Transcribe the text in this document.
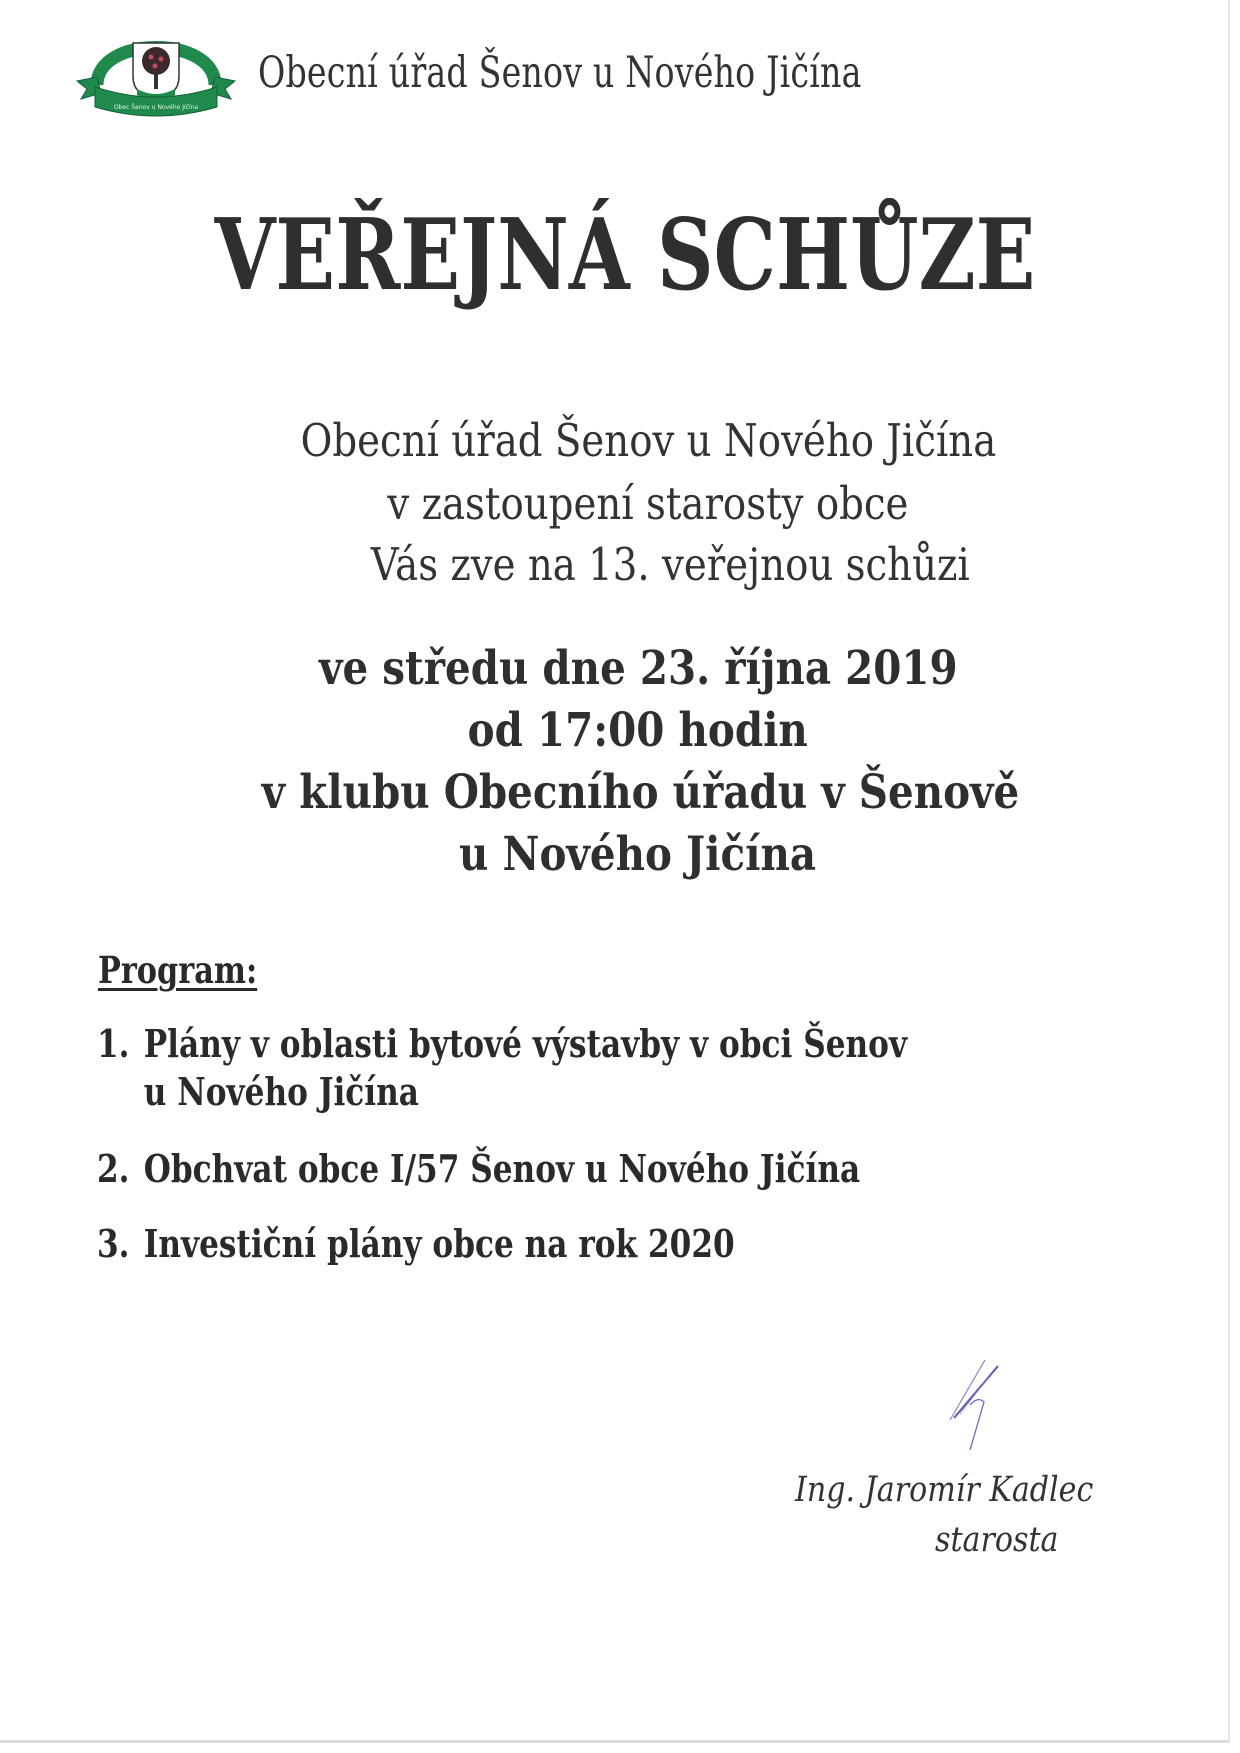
Obec Šenov u Nového Jičína
Obecní úřad Šenov u Nového Jičína
VEŘEJNÁ SCHŮZE
Obecní úřad Šenov u Nového Jičína
v zastoupení starosty obce
Vás zve na 13. veřejnou schůzi
ve středu dne 23. října 2019
od 17:00 hodin
v klubu Obecního úřadu v Šenově
u Nového Jičína
Program:
1. Plány v oblasti bytové výstavby v obci Šenov
u Nového Jičína
2. Obchvat obce I/57 Šenov u Nového Jičína
3. Investiční plány obce na rok 2020
Ing. Jaromír Kadlec
starosta
